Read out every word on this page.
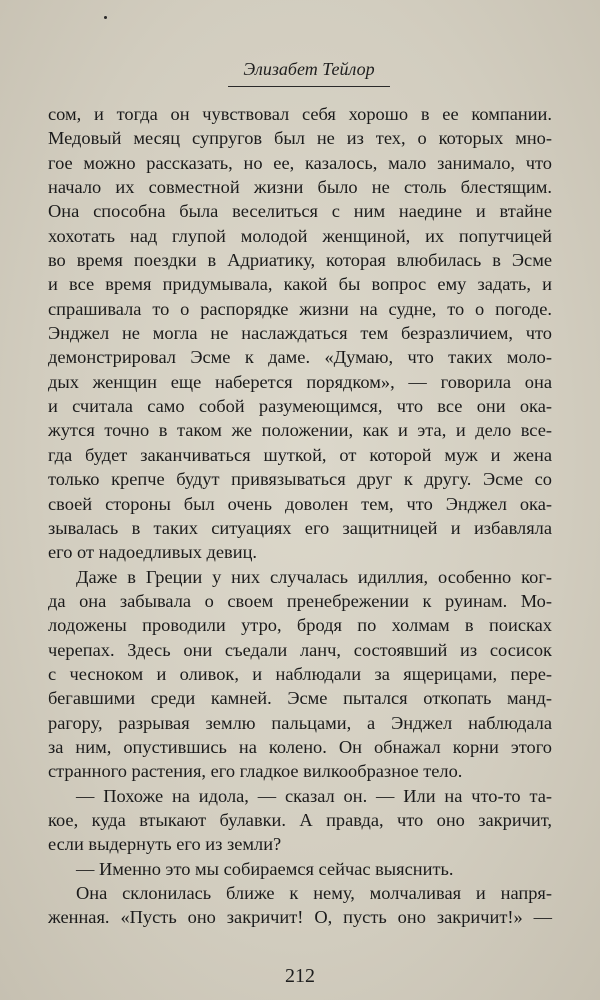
Элизабет Тейлор
сом, и тогда он чувствовал себя хорошо в ее компании.
Медовый месяц супругов был не из тех, о которых мно-
гое можно рассказать, но ее, казалось, мало занимало, что
начало их совместной жизни было не столь блестящим.
Она способна была веселиться с ним наедине и втайне
хохотать над глупой молодой женщиной, их попутчицей
во время поездки в Адриатику, которая влюбилась в Эсме
и все время придумывала, какой бы вопрос ему задать, и
спрашивала то о распорядке жизни на судне, то о погоде.
Энджел не могла не наслаждаться тем безразличием, что
демонстрировал Эсме к даме. «Думаю, что таких моло-
дых женщин еще наберется порядком», — говорила она
и считала само собой разумеющимся, что все они ока-
жутся точно в таком же положении, как и эта, и дело все-
гда будет заканчиваться шуткой, от которой муж и жена
только крепче будут привязываться друг к другу. Эсме со
своей стороны был очень доволен тем, что Энджел ока-
зывалась в таких ситуациях его защитницей и избавляла
его от надоедливых девиц.
Даже в Греции у них случалась идиллия, особенно ког-
да она забывала о своем пренебрежении к руинам. Мо-
лодожены проводили утро, бродя по холмам в поисках
черепах. Здесь они съедали ланч, состоявший из сосисок
с чесноком и оливок, и наблюдали за ящерицами, пере-
бегавшими среди камней. Эсме пытался откопать манд-
рагору, разрывая землю пальцами, а Энджел наблюдала
за ним, опустившись на колено. Он обнажал корни этого
странного растения, его гладкое вилкообразное тело.
— Похоже на идола, — сказал он. — Или на что-то та-
кое, куда втыкают булавки. А правда, что оно закричит,
если выдернуть его из земли?
— Именно это мы собираемся сейчас выяснить.
Она склонилась ближе к нему, молчаливая и напря-
женная. «Пусть оно закричит! О, пусть оно закричит!» —
212
